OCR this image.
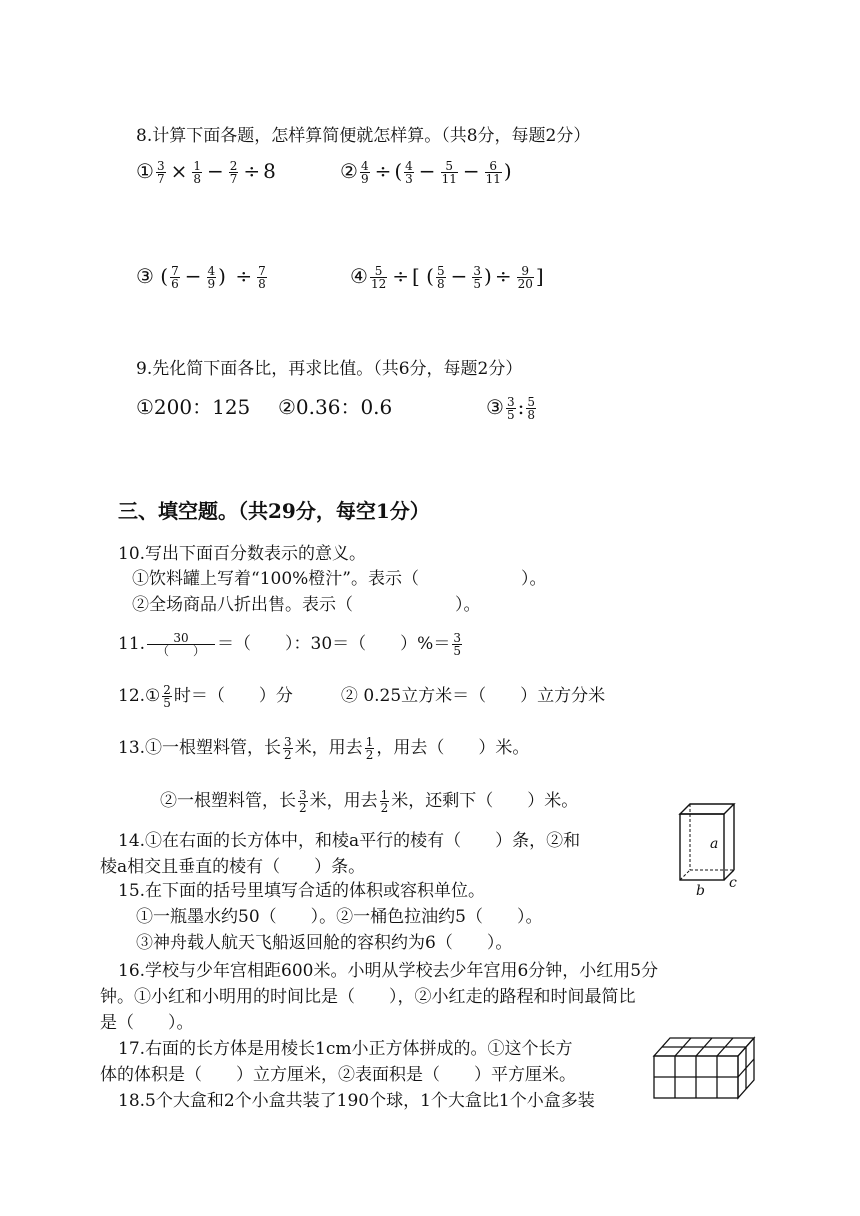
8.计算下面各题，怎样算简便就怎样算。（共8分，每题2分）
① $\frac{3}{7} \times \frac{1}{8} - \frac{2}{7} \div 8$	② $\frac{4}{9}$ ÷ ( $\frac{4}{3} - \frac{5}{11} - \frac{6}{11}$ )
③ ( $\frac{7}{6} - \frac{4}{9}$ ) ÷ $\frac{7}{8}$	④ $\frac{5}{12}$ ÷ [ ( $\frac{5}{8} - \frac{3}{5}$ ) ÷ $\frac{9}{20}$ ]
9.先化简下面各比，再求比值。（共6分，每题2分）
①200：125 ②0.36：0.6	③ $\frac{3}{5}$ : $\frac{5}{8}$
三、填空题。（共29分，每空1分）
10.写出下面百分数表示的意义。
①饮料罐上写着“100%橙汁”。表示（　　　　　　）。
②全场商品八折出售。表示（　　　　　　）。
11. $\frac{30}{( )}$ ＝（　　）：30＝（　　）%＝ $\frac{3}{5}$
12.① $\frac{2}{5}$ 时＝（　　）分	② 0.25立方米＝（　　）立方分米
13.①一根塑料管，长 $\frac{3}{2}$ 米，用去 $\frac{1}{2}$ ，用去（　　）米。
②一根塑料管，长 $\frac{3}{2}$ 米，用去 $\frac{1}{2}$ 米，还剩下（　　）米。
14.①在右面的长方体中，和棱a平行的棱有（　　）条，②和
棱a相交且垂直的棱有（　　）条。
a
b c
15.在下面的括号里填写合适的体积或容积单位。
①一瓶墨水约50（　　）。②一桶色拉油约5（　　）。
③神舟载人航天飞船返回舱的容积约为6（　　）。
16.学校与少年宫相距600米。小明从学校去少年宫用6分钟，小红用5分
钟。①小红和小明用的时间比是（　　），②小红走的路程和时间最简比
是（　　）。
17.右面的长方体是用棱长1cm小正方体拼成的。①这个长方
体的体积是（　　）立方厘米，②表面积是（　　）平方厘米。
18.5个大盒和2个小盒共装了190个球，1个大盒比1个小盒多装
